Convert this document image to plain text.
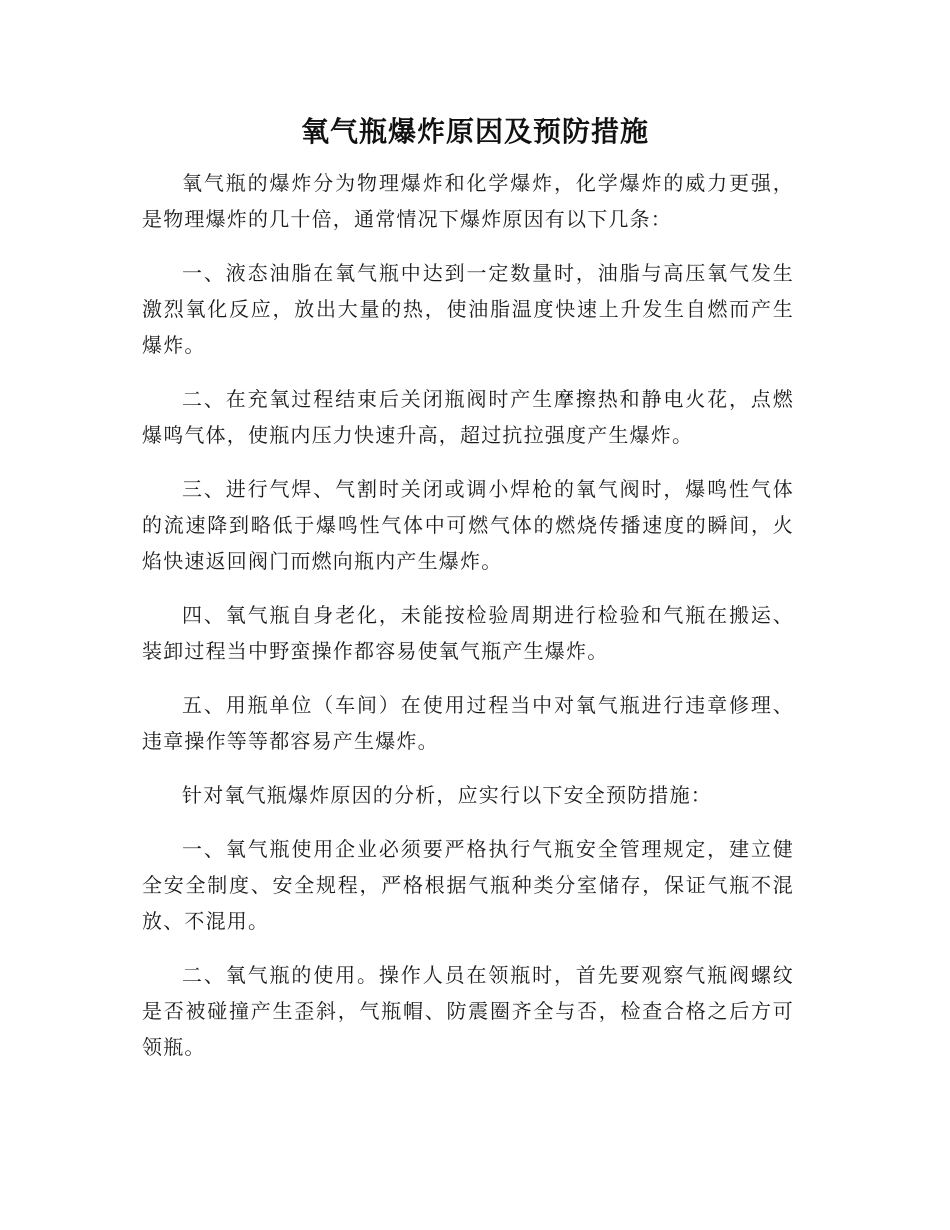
氧气瓶爆炸原因及预防措施

氧气瓶的爆炸分为物理爆炸和化学爆炸，化学爆炸的威力更强，是物理爆炸的几十倍，通常情况下爆炸原因有以下几条：

一、液态油脂在氧气瓶中达到一定数量时，油脂与高压氧气发生激烈氧化反应，放出大量的热，使油脂温度快速上升发生自燃而产生爆炸。

二、在充氧过程结束后关闭瓶阀时产生摩擦热和静电火花，点燃爆鸣气体，使瓶内压力快速升高，超过抗拉强度产生爆炸。

三、进行气焊、气割时关闭或调小焊枪的氧气阀时，爆鸣性气体的流速降到略低于爆鸣性气体中可燃气体的燃烧传播速度的瞬间，火焰快速返回阀门而燃向瓶内产生爆炸。

四、氧气瓶自身老化，未能按检验周期进行检验和气瓶在搬运、装卸过程当中野蛮操作都容易使氧气瓶产生爆炸。

五、用瓶单位（车间）在使用过程当中对氧气瓶进行违章修理、违章操作等等都容易产生爆炸。

针对氧气瓶爆炸原因的分析，应实行以下安全预防措施：

一、氧气瓶使用企业必须要严格执行气瓶安全管理规定，建立健全安全制度、安全规程，严格根据气瓶种类分室储存，保证气瓶不混放、不混用。

二、氧气瓶的使用。操作人员在领瓶时，首先要观察气瓶阀螺纹是否被碰撞产生歪斜，气瓶帽、防震圈齐全与否，检查合格之后方可领瓶。
